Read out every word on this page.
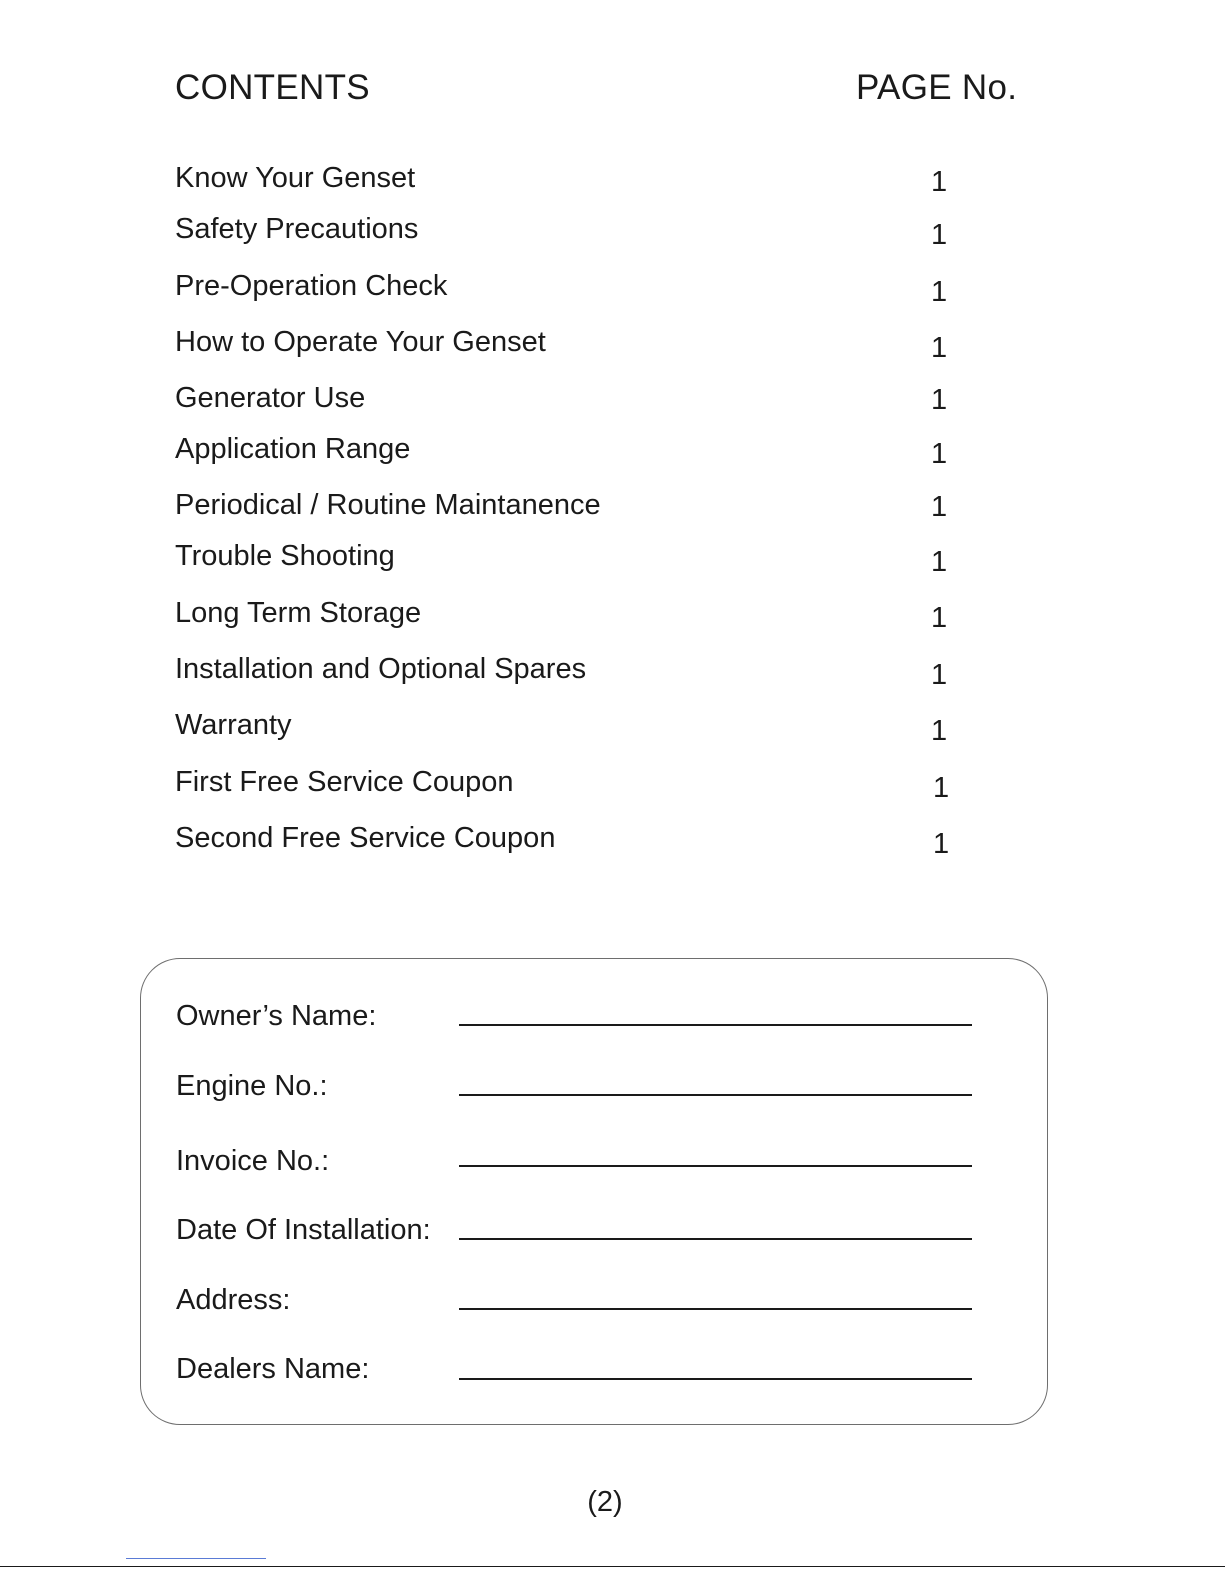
CONTENTS	PAGE No.
Know Your Genset	1
Safety Precautions	1
Pre-Operation Check	1
How to Operate Your Genset	1
Generator Use	1
Application Range	1
Periodical / Routine Maintanence	1
Trouble Shooting	1
Long Term Storage	1
Installation and Optional Spares	1
Warranty	1
First Free Service Coupon	1
Second Free Service Coupon	1
Owner’s Name:
Engine No.:
Invoice No.:
Date Of Installation:
Address:
Dealers Name:
(2)
